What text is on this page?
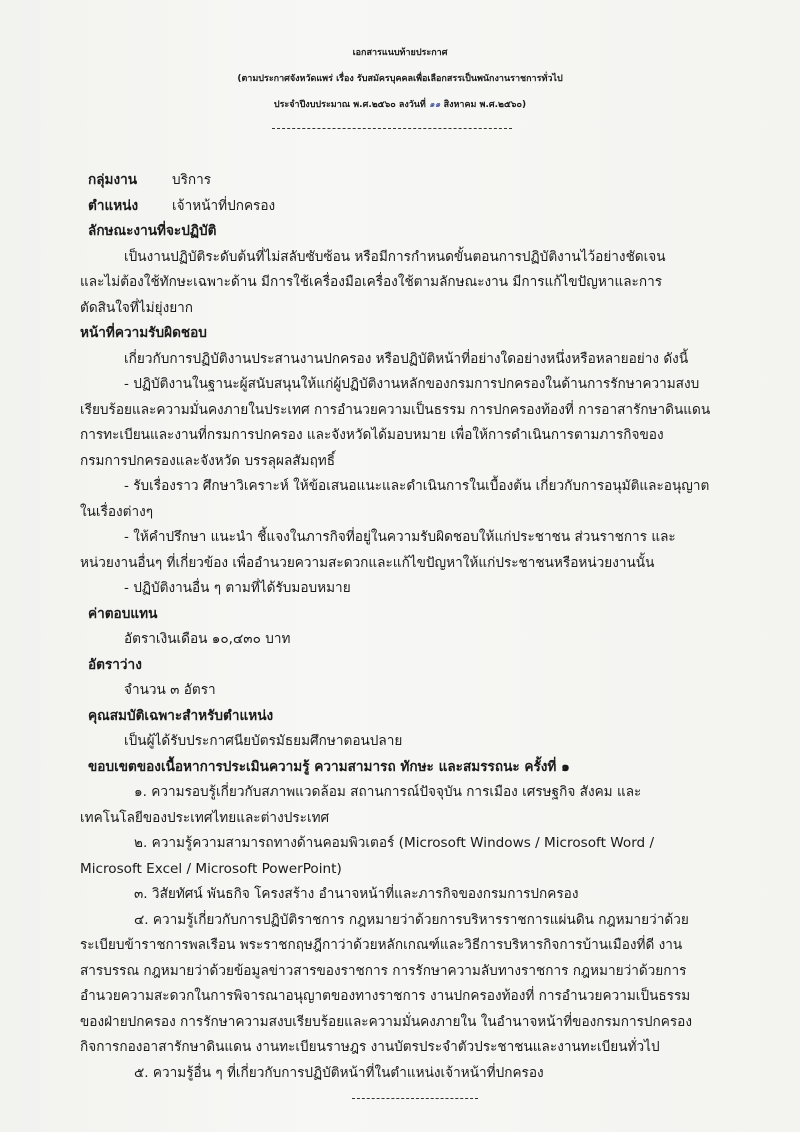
เอกสารแนบท้ายประกาศ
(ตามประกาศจังหวัดแพร่ เรื่อง รับสมัครบุคคลเพื่อเลือกสรรเป็นพนักงานราชการทั่วไป
ประจำปีงบประมาณ พ.ศ.๒๕๖๐ ลงวันที่ ๑๑ สิงหาคม พ.ศ.๒๕๖๐)
กลุ่มงาน	บริการ
ตำแหน่ง เจ้าหน้าที่ปกครอง
ลักษณะงานที่จะปฏิบัติ
เป็นงานปฏิบัติระดับต้นที่ไม่สลับซับซ้อน หรือมีการกำหนดขั้นตอนการปฏิบัติงานไว้อย่างชัดเจน
และไม่ต้องใช้ทักษะเฉพาะด้าน มีการใช้เครื่องมือเครื่องใช้ตามลักษณะงาน มีการแก้ไขปัญหาและการ
ตัดสินใจที่ไม่ยุ่งยาก
หน้าที่ความรับผิดชอบ
เกี่ยวกับการปฏิบัติงานประสานงานปกครอง หรือปฏิบัติหน้าที่อย่างใดอย่างหนึ่งหรือหลายอย่าง ดังนี้
- ปฏิบัติงานในฐานะผู้สนับสนุนให้แก่ผู้ปฏิบัติงานหลักของกรมการปกครองในด้านการรักษาความสงบ
เรียบร้อยและความมั่นคงภายในประเทศ การอำนวยความเป็นธรรม การปกครองท้องที่ การอาสารักษาดินแดน
การทะเบียนและงานที่กรมการปกครอง และจังหวัดได้มอบหมาย เพื่อให้การดำเนินการตามภารกิจของ
กรมการปกครองและจังหวัด บรรลุผลสัมฤทธิ์
- รับเรื่องราว ศึกษาวิเคราะห์ ให้ข้อเสนอแนะและดำเนินการในเบื้องต้น เกี่ยวกับการอนุมัติและอนุญาต
ในเรื่องต่างๆ
- ให้คำปรึกษา แนะนำ ชี้แจงในภารกิจที่อยู่ในความรับผิดชอบให้แก่ประชาชน ส่วนราชการ และ
หน่วยงานอื่นๆ ที่เกี่ยวข้อง เพื่ออำนวยความสะดวกและแก้ไขปัญหาให้แก่ประชาชนหรือหน่วยงานนั้น
- ปฏิบัติงานอื่น ๆ ตามที่ได้รับมอบหมาย
ค่าตอบแทน
อัตราเงินเดือน ๑๐,๔๓๐ บาท
อัตราว่าง
จำนวน ๓ อัตรา
คุณสมบัติเฉพาะสำหรับตำแหน่ง
เป็นผู้ได้รับประกาศนียบัตรมัธยมศึกษาตอนปลาย
ขอบเขตของเนื้อหาการประเมินความรู้ ความสามารถ ทักษะ และสมรรถนะ ครั้งที่ ๑
๑. ความรอบรู้เกี่ยวกับสภาพแวดล้อม สถานการณ์ปัจจุบัน การเมือง เศรษฐกิจ สังคม และ
เทคโนโลยีของประเทศไทยและต่างประเทศ
๒. ความรู้ความสามารถทางด้านคอมพิวเตอร์ (Microsoft Windows / Microsoft Word /
Microsoft Excel / Microsoft PowerPoint)
๓. วิสัยทัศน์ พันธกิจ โครงสร้าง อำนาจหน้าที่และภารกิจของกรมการปกครอง
๔. ความรู้เกี่ยวกับการปฏิบัติราชการ กฎหมายว่าด้วยการบริหารราชการแผ่นดิน กฎหมายว่าด้วย
ระเบียบข้าราชการพลเรือน พระราชกฤษฎีกาว่าด้วยหลักเกณฑ์และวิธีการบริหารกิจการบ้านเมืองที่ดี งาน
สารบรรณ กฎหมายว่าด้วยข้อมูลข่าวสารของราชการ การรักษาความลับทางราชการ กฎหมายว่าด้วยการ
อำนวยความสะดวกในการพิจารณาอนุญาตของทางราชการ งานปกครองท้องที่ การอำนวยความเป็นธรรม
ของฝ่ายปกครอง การรักษาความสงบเรียบร้อยและความมั่นคงภายใน ในอำนาจหน้าที่ของกรมการปกครอง
กิจการกองอาสารักษาดินแดน งานทะเบียนราษฎร งานบัตรประจำตัวประชาชนและงานทะเบียนทั่วไป
๕. ความรู้อื่น ๆ ที่เกี่ยวกับการปฏิบัติหน้าที่ในตำแหน่งเจ้าหน้าที่ปกครอง
